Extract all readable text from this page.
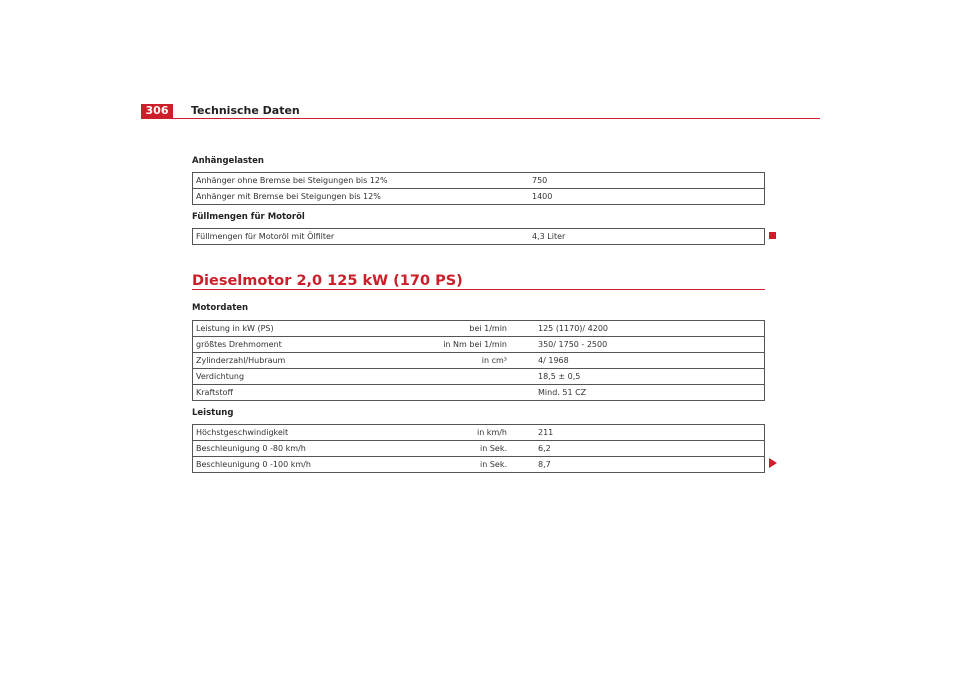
306	Technische Daten
Anhängelasten
Anhänger ohne Bremse bei Steigungen bis 12%	750
Anhänger mit Bremse bei Steigungen bis 12%	1400
Füllmengen für Motoröl
Füllmengen für Motoröl mit Ölfilter	4,3 Liter
Dieselmotor 2,0 125 kW (170 PS)
Motordaten
Leistung in kW (PS)	bei 1/min	125 (1170)/ 4200
größtes Drehmoment	in Nm bei 1/min	350/ 1750 - 2500
Zylinderzahl/Hubraum	in cm³	4/ 1968
Verdichtung		18,5 ± 0,5
Kraftstoff		Mind. 51 CZ
Leistung
Höchstgeschwindigkeit	in km/h	211
Beschleunigung 0 -80 km/h	in Sek.	6,2
Beschleunigung 0 -100 km/h	in Sek.	8,7
